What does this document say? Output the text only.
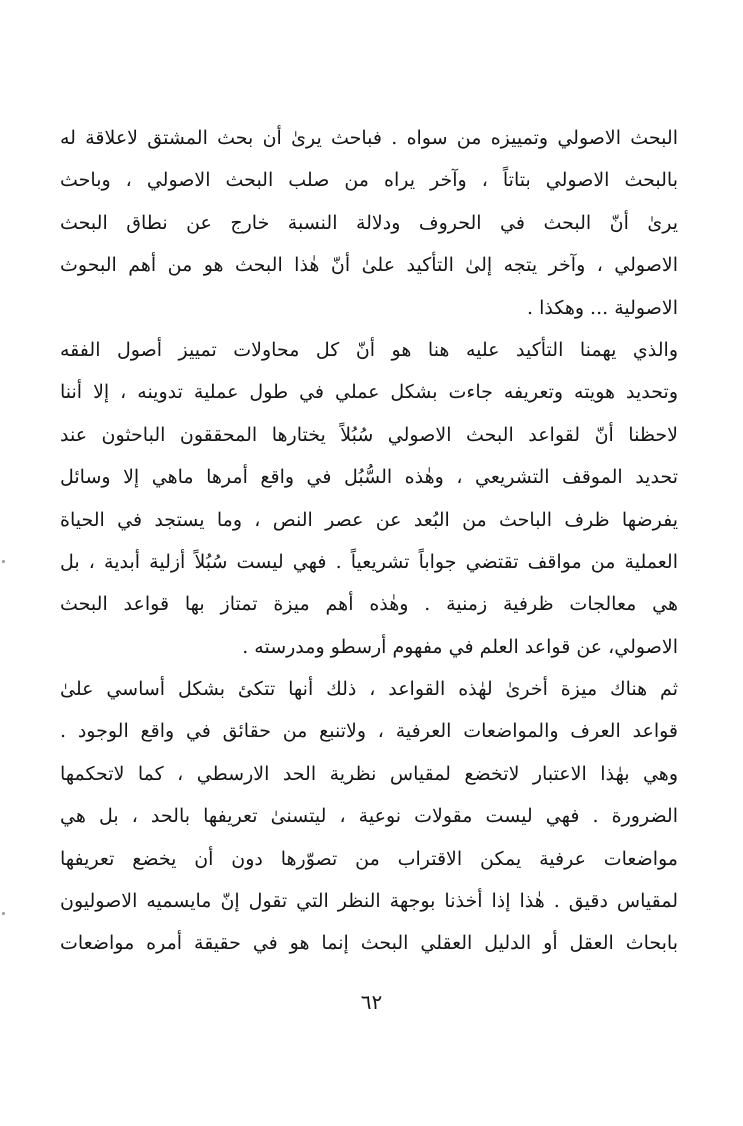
البحث الاصولي وتمييزه من سواه . فباحث يرىٰ أن بحث المشتق لاعلاقة له
بالبحث الاصولي بتاتاً ، وآخر يراه من صلب البحث الاصولي ، وباحث
يرىٰ أنّ البحث في الحروف ودلالة النسبة خارج عن نطاق البحث
الاصولي ، وآخر يتجه إلىٰ التأكيد علىٰ أنّ هٰذا البحث هو من أهم البحوث
الاصولية ... وهكذا .
والذي يهمنا التأكيد عليه هنا هو أنّ كل محاولات تمييز أصول الفقه
وتحديد هويته وتعريفه جاءت بشكل عملي في طول عملية تدوينه ، إلا أننا
لاحظنا أنّ لقواعد البحث الاصولي سُبُلاً يختارها المحققون الباحثون عند
تحديد الموقف التشريعي ، وهٰذه السُّبُل في واقع أمرها ماهي إلا وسائل
يفرضها ظرف الباحث من البُعد عن عصر النص ، وما يستجد في الحياة
العملية من مواقف تقتضي جواباً تشريعياً . فهي ليست سُبُلاً أزلية أبدية ، بل
هي معالجات ظرفية زمنية . وهٰذه أهم ميزة تمتاز بها قواعد البحث
الاصولي، عن قواعد العلم في مفهوم أرسطو ومدرسته .
ثم هناك ميزة أخرىٰ لهٰذه القواعد ، ذلك أنها تتكئ بشكل أساسي علىٰ
قواعد العرف والمواضعات العرفية ، ولاتنبع من حقائق في واقع الوجود .
وهي بهٰذا الاعتبار لاتخضع لمقياس نظرية الحد الارسطي ، كما لاتحكمها
الضرورة . فهي ليست مقولات نوعية ، ليتسنىٰ تعريفها بالحد ، بل هي
مواضعات عرفية يمكن الاقتراب من تصوّرها دون أن يخضع تعريفها
لمقياس دقيق . هٰذا إذا أخذنا بوجهة النظر التي تقول إنّ مايسميه الاصوليون
بابحاث العقل أو الدليل العقلي البحث إنما هو في حقيقة أمره مواضعات
٦٢
